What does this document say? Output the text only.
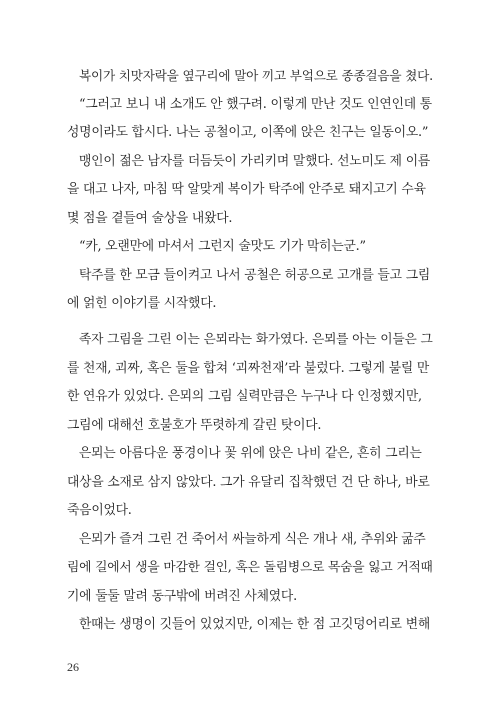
복이가 치맛자락을 옆구리에 말아 끼고 부엌으로 종종걸음을 쳤다.
“그러고 보니 내 소개도 안 했구려. 이렇게 만난 것도 인연인데 통
성명이라도 합시다. 나는 공철이고, 이쪽에 앉은 친구는 일동이오.”
맹인이 젊은 남자를 더듬듯이 가리키며 말했다. 선노미도 제 이름
을 대고 나자, 마침 딱 알맞게 복이가 탁주에 안주로 돼지고기 수육
몇 점을 곁들여 술상을 내왔다.
“카, 오랜만에 마셔서 그런지 술맛도 기가 막히는군.”
탁주를 한 모금 들이켜고 나서 공철은 허공으로 고개를 들고 그림
에 얽힌 이야기를 시작했다.
족자 그림을 그린 이는 은뫼라는 화가였다. 은뫼를 아는 이들은 그
를 천재, 괴짜, 혹은 둘을 합쳐 ‘괴짜천재’라 불렀다. 그렇게 불릴 만
한 연유가 있었다. 은뫼의 그림 실력만큼은 누구나 다 인정했지만,
그림에 대해선 호불호가 뚜렷하게 갈린 탓이다.
은뫼는 아름다운 풍경이나 꽃 위에 앉은 나비 같은, 흔히 그리는
대상을 소재로 삼지 않았다. 그가 유달리 집착했던 건 단 하나, 바로
죽음이었다.
은뫼가 즐겨 그린 건 죽어서 싸늘하게 식은 개나 새, 추위와 굶주
림에 길에서 생을 마감한 걸인, 혹은 돌림병으로 목숨을 잃고 거적때
기에 둘둘 말려 동구밖에 버려진 사체였다.
한때는 생명이 깃들어 있었지만, 이제는 한 점 고깃덩어리로 변해
26
